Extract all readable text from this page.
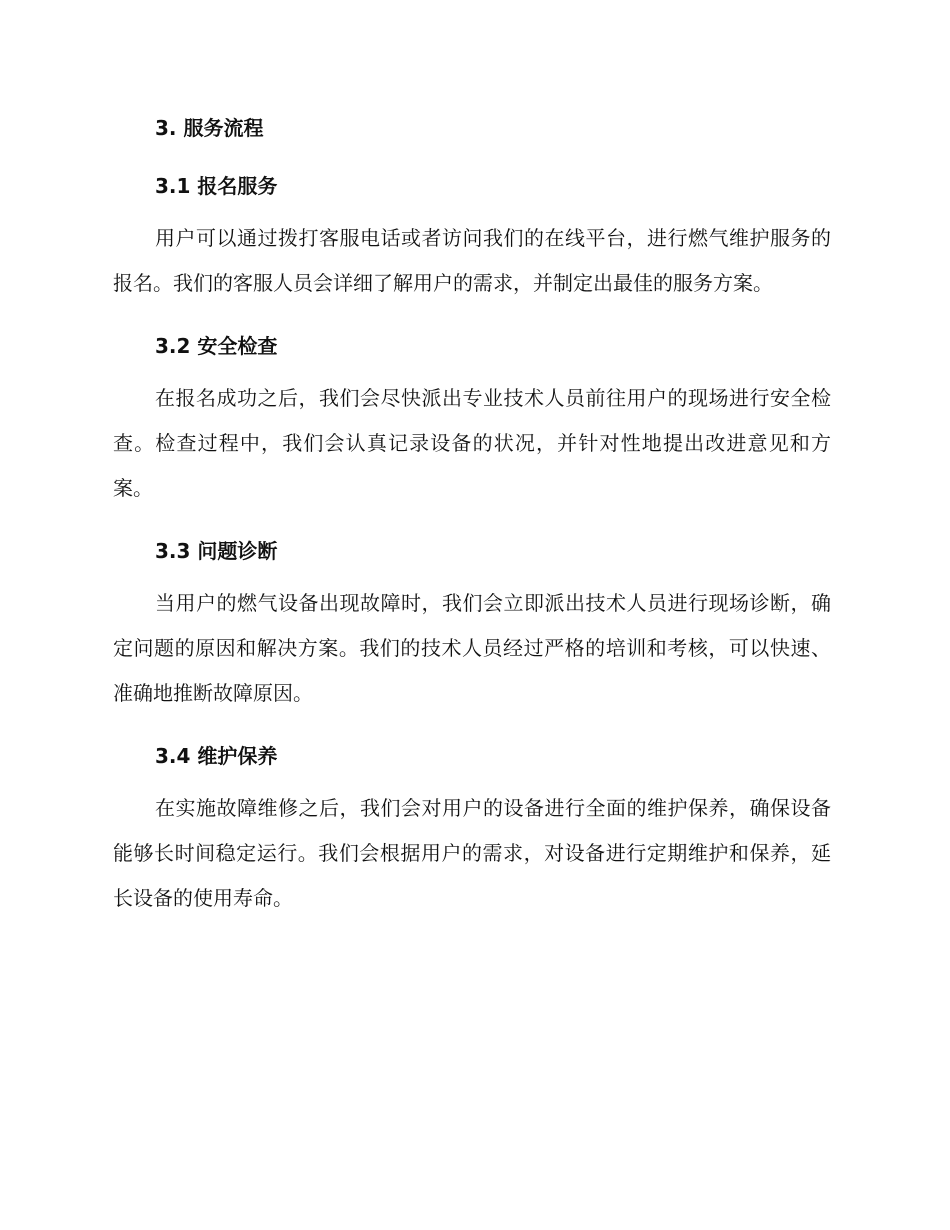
3. 服务流程
3.1 报名服务

用户可以通过拨打客服电话或者访问我们的在线平台，进行燃气维护服务的报名。我们的客服人员会详细了解用户的需求，并制定出最佳的服务方案。

3.2 安全检查

在报名成功之后，我们会尽快派出专业技术人员前往用户的现场进行安全检查。检查过程中，我们会认真记录设备的状况，并针对性地提出改进意见和方案。

3.3 问题诊断

当用户的燃气设备出现故障时，我们会立即派出技术人员进行现场诊断，确定问题的原因和解决方案。我们的技术人员经过严格的培训和考核，可以快速、准确地推断故障原因。

3.4 维护保养

在实施故障维修之后，我们会对用户的设备进行全面的维护保养，确保设备能够长时间稳定运行。我们会根据用户的需求，对设备进行定期维护和保养，延长设备的使用寿命。
